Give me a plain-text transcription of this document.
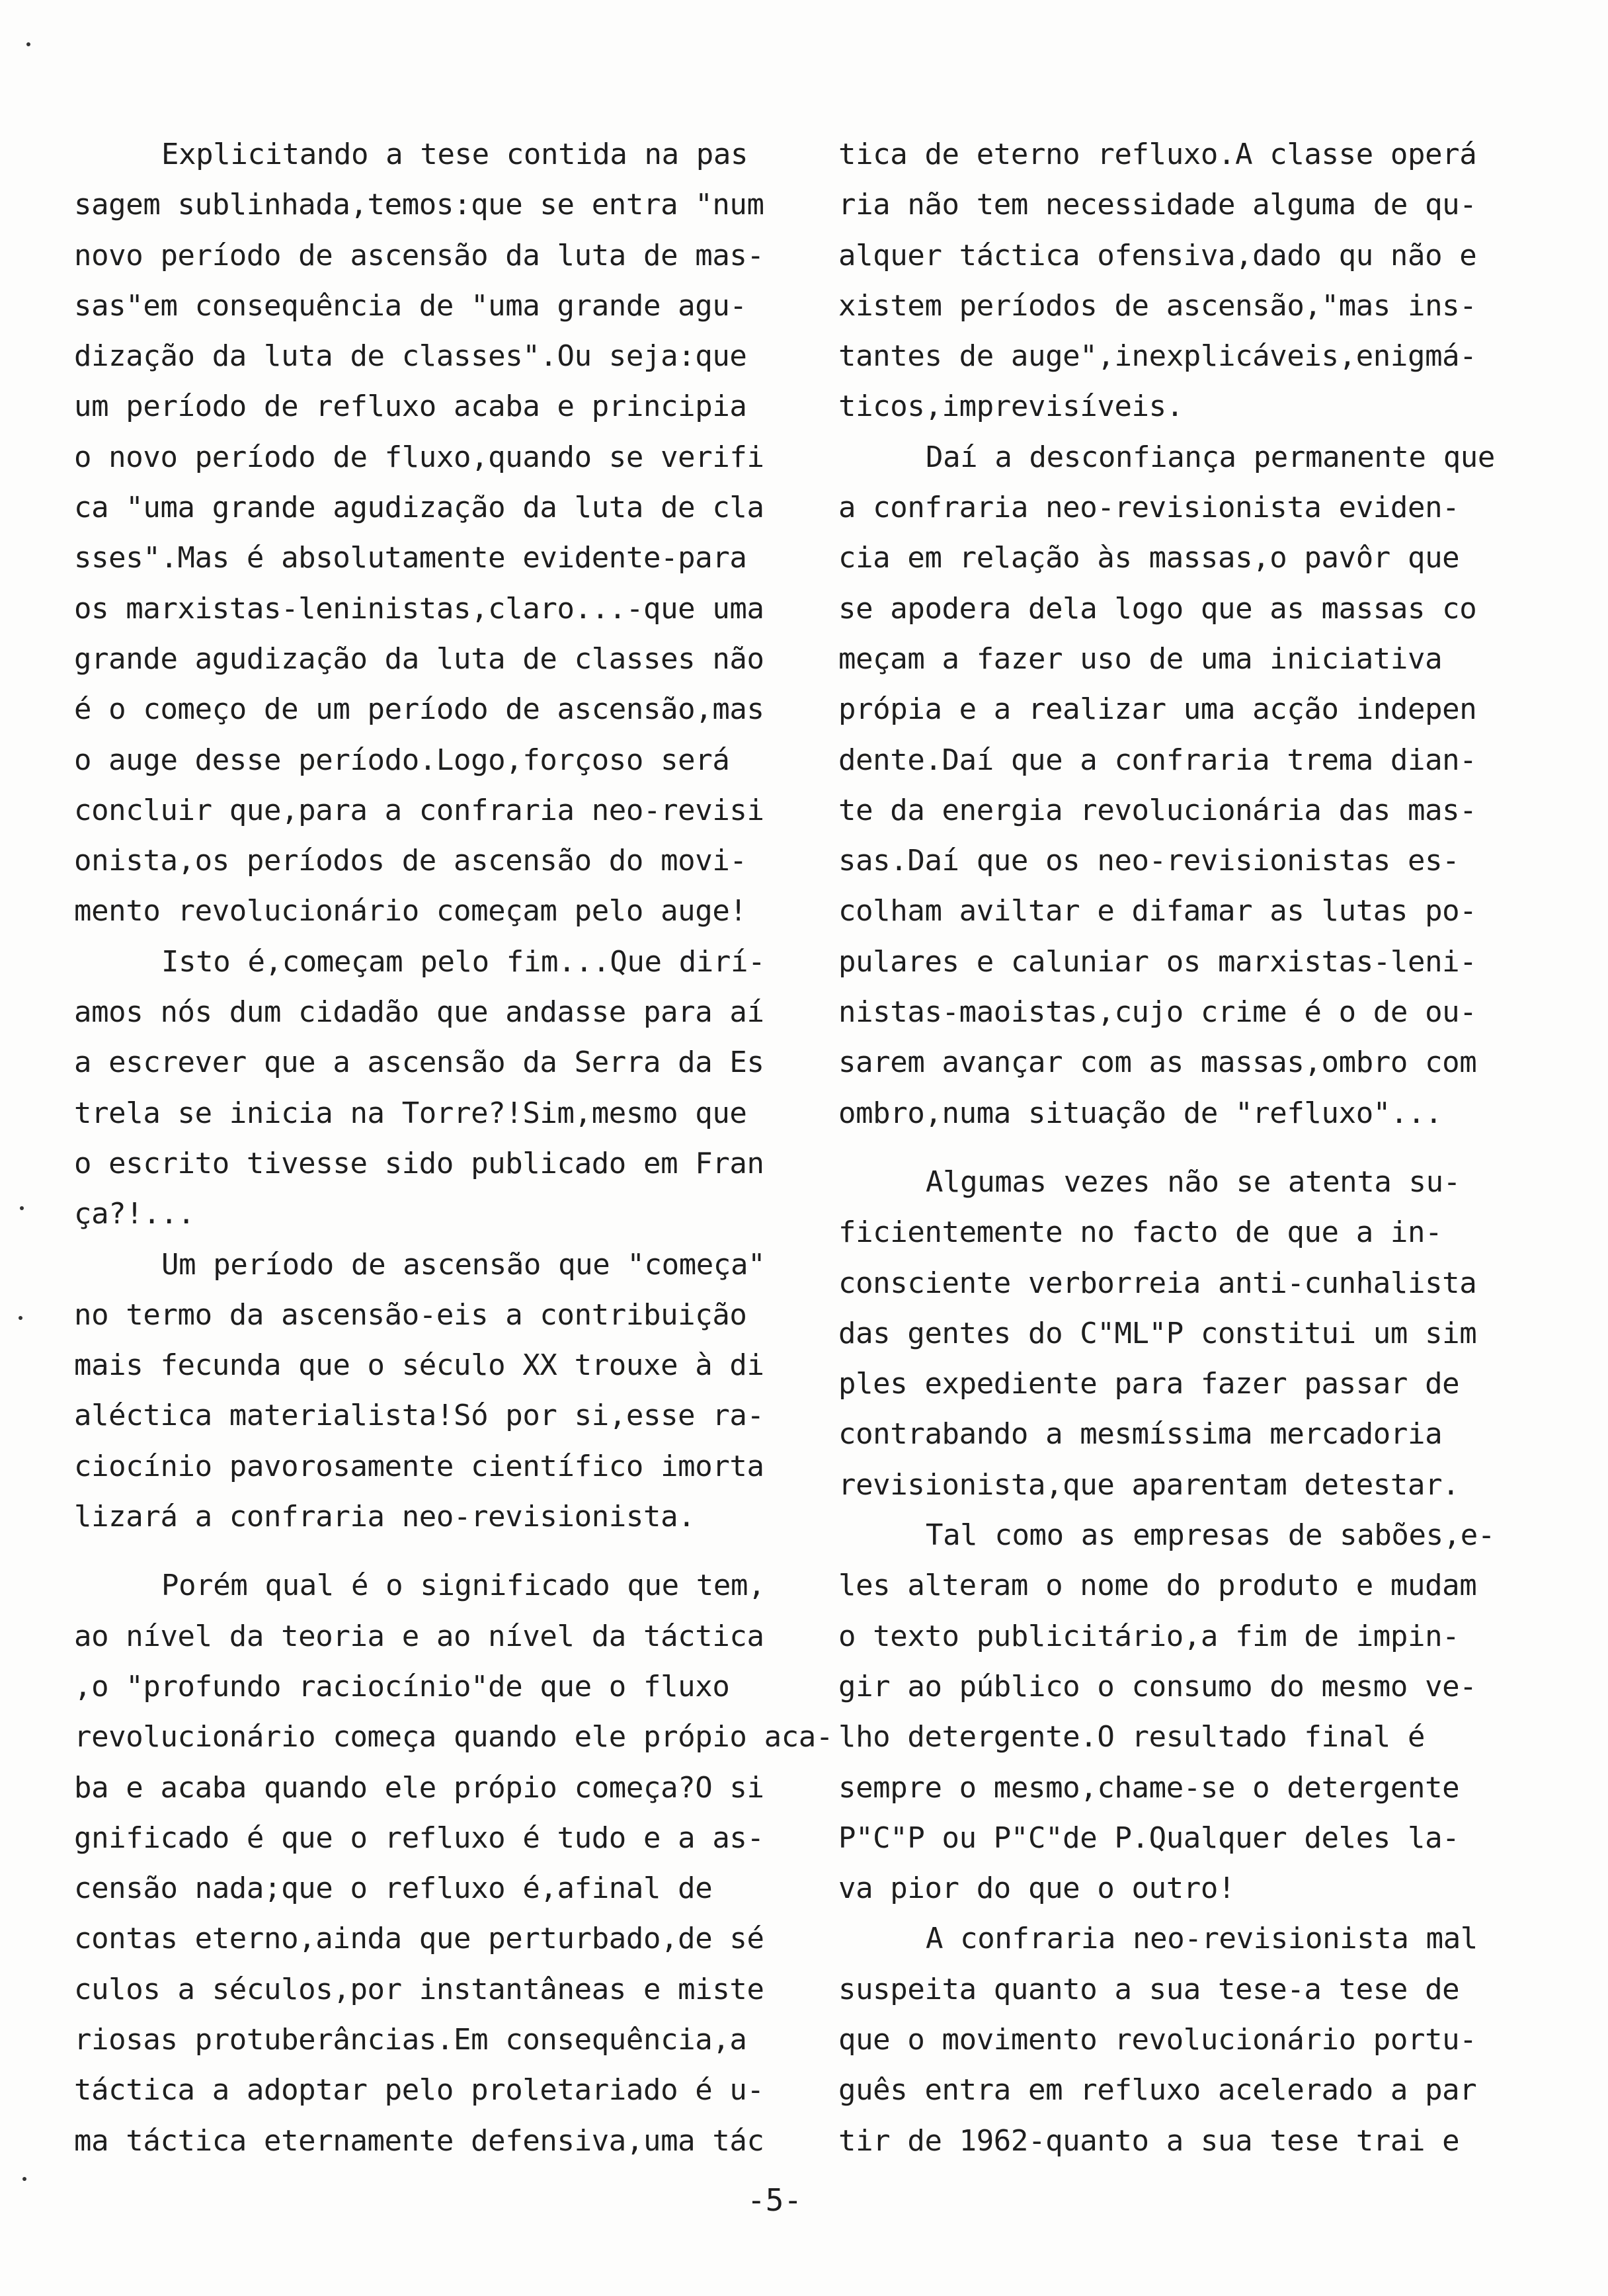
Explicitando a tese contida na pas
sagem sublinhada,temos:que se entra "num
novo período de ascensão da luta de mas-
sas"em consequência de "uma grande agu-
dização da luta de classes".Ou seja:que
um período de refluxo acaba e principia
o novo período de fluxo,quando se verifi
ca "uma grande agudização da luta de cla
sses".Mas é absolutamente evidente-para
os marxistas-leninistas,claro...-que uma
grande agudização da luta de classes não
é o começo de um período de ascensão,mas
o auge desse período.Logo,forçoso será
concluir que,para a confraria neo-revisi
onista,os períodos de ascensão do movi-
mento revolucionário começam pelo auge!
Isto é,começam pelo fim...Que dirí-
amos nós dum cidadão que andasse para aí
a escrever que a ascensão da Serra da Es
trela se inicia na Torre?!Sim,mesmo que
o escrito tivesse sido publicado em Fran
ça?!...
Um período de ascensão que "começa"
no termo da ascensão-eis a contribuição
mais fecunda que o século XX trouxe à di
aléctica materialista!Só por si,esse ra-
ciocínio pavorosamente científico imorta
lizará a confraria neo-revisionista.
Porém qual é o significado que tem,
ao nível da teoria e ao nível da táctica
,o "profundo raciocínio"de que o fluxo
revolucionário começa quando ele própio aca-
ba e acaba quando ele própio começa?O si
gnificado é que o refluxo é tudo e a as-
censão nada;que o refluxo é,afinal de
contas eterno,ainda que perturbado,de sé
culos a séculos,por instantâneas e miste
riosas protuberâncias.Em consequência,a
táctica a adoptar pelo proletariado é u-
ma táctica eternamente defensiva,uma tác
tica de eterno refluxo.A classe operá
ria não tem necessidade alguma de qu-
alquer táctica ofensiva,dado qu não e
xistem períodos de ascensão,"mas ins-
tantes de auge",inexplicáveis,enigmá-
ticos,imprevisíveis.
Daí a desconfiança permanente que
a confraria neo-revisionista eviden-
cia em relação às massas,o pavôr que
se apodera dela logo que as massas co
meçam a fazer uso de uma iniciativa
própia e a realizar uma acção indepen
dente.Daí que a confraria trema dian-
te da energia revolucionária das mas-
sas.Daí que os neo-revisionistas es-
colham aviltar e difamar as lutas po-
pulares e caluniar os marxistas-leni-
nistas-maoistas,cujo crime é o de ou-
sarem avançar com as massas,ombro com
ombro,numa situação de "refluxo"...
Algumas vezes não se atenta su-
ficientemente no facto de que a in-
consciente verborreia anti-cunhalista
das gentes do C"ML"P constitui um sim
ples expediente para fazer passar de
contrabando a mesmíssima mercadoria
revisionista,que aparentam detestar.
Tal como as empresas de sabões,e-
les alteram o nome do produto e mudam
o texto publicitário,a fim de impin-
gir ao público o consumo do mesmo ve-
lho detergente.O resultado final é
sempre o mesmo,chame-se o detergente
P"C"P ou P"C"de P.Qualquer deles la-
va pior do que o outro!
A confraria neo-revisionista mal
suspeita quanto a sua tese-a tese de
que o movimento revolucionário portu-
guês entra em refluxo acelerado a par
tir de 1962-quanto a sua tese trai e
-5-
